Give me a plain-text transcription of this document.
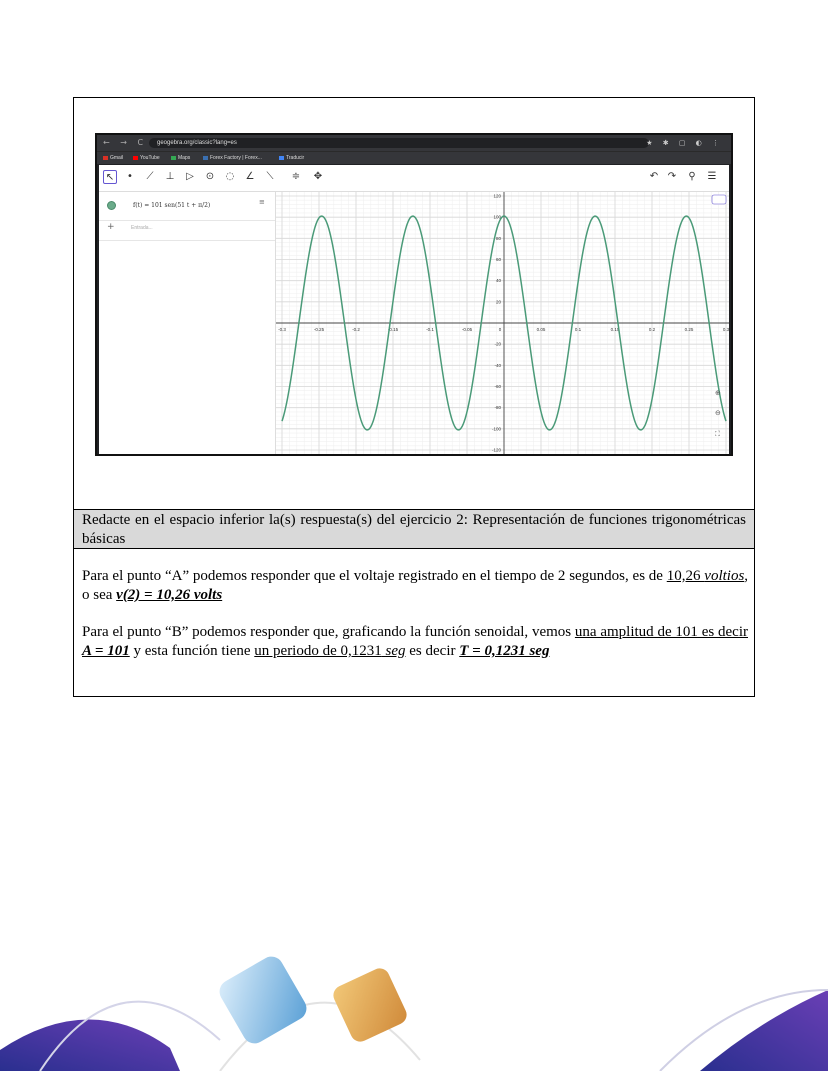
← → C geogebra.org/classic?lang=es	★ ✱ ▢ ◐ ⋮
Gmail	YouTube	Maps	Forex Factory | Forex...	Traducir
↖	•	⟋	⊥	▷	⊙ ◌ ∠	⟍	≑ ✥	↶ ↷	⚲	☰
f(t) = 101 sen(51 t + π/2)	≡
+	Entrada...
-0.3	-0.25	-0.2	-0.15	-0.1	-0.05	0	0.05	0.1	0.15	0.2	0.25	0.3
120
100
80
60
40
20
-20
-40
-60
-80
-100
-120
⊕
⊖
⛶
Redacte en el espacio inferior la(s) respuesta(s) del ejercicio 2: Representación de funciones trigonométricas básicas
Para el punto “A” podemos responder que el voltaje registrado en el tiempo de 2 segundos, es de 10,26 voltios, o sea v(2) = 10,26 volts
Para el punto “B” podemos responder que, graficando la función senoidal, vemos una amplitud de 101 es decir A = 101 y esta función tiene un periodo de 0,1231 seg es decir T = 0,1231 seg
